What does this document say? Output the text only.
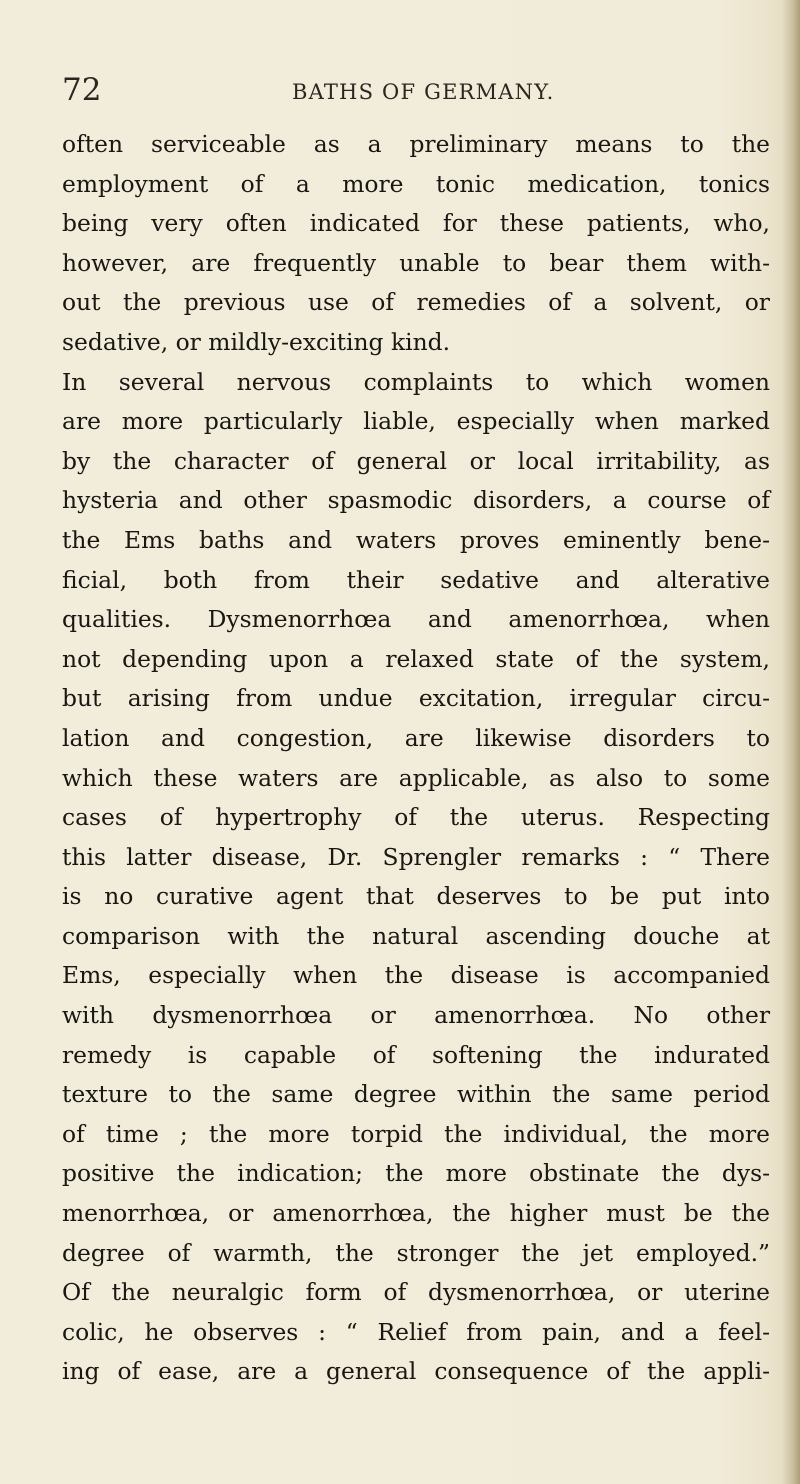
72	BATHS OF GERMANY.
often serviceable as a preliminary means to the
employment of a more tonic medication, tonics
being very often indicated for these patients, who,
however, are frequently unable to bear them with-
out the previous use of remedies of a solvent, or
sedative, or mildly-exciting kind.
In several nervous complaints to which women
are more particularly liable, especially when marked
by the character of general or local irritability, as
hysteria and other spasmodic disorders, a course of
the Ems baths and waters proves eminently bene-
ficial, both from their sedative and alterative
qualities. Dysmenorrhœa and amenorrhœa, when
not depending upon a relaxed state of the system,
but arising from undue excitation, irregular circu-
lation and congestion, are likewise disorders to
which these waters are applicable, as also to some
cases of hypertrophy of the uterus. Respecting
this latter disease, Dr. Sprengler remarks : “ There
is no curative agent that deserves to be put into
comparison with the natural ascending douche at
Ems, especially when the disease is accompanied
with dysmenorrhœa or amenorrhœa. No other
remedy is capable of softening the indurated
texture to the same degree within the same period
of time ; the more torpid the individual, the more
positive the indication; the more obstinate the dys-
menorrhœa, or amenorrhœa, the higher must be the
degree of warmth, the stronger the jet employed.”
Of the neuralgic form of dysmenorrhœa, or uterine
colic, he observes : “ Relief from pain, and a feel-
ing of ease, are a general consequence of the appli-
